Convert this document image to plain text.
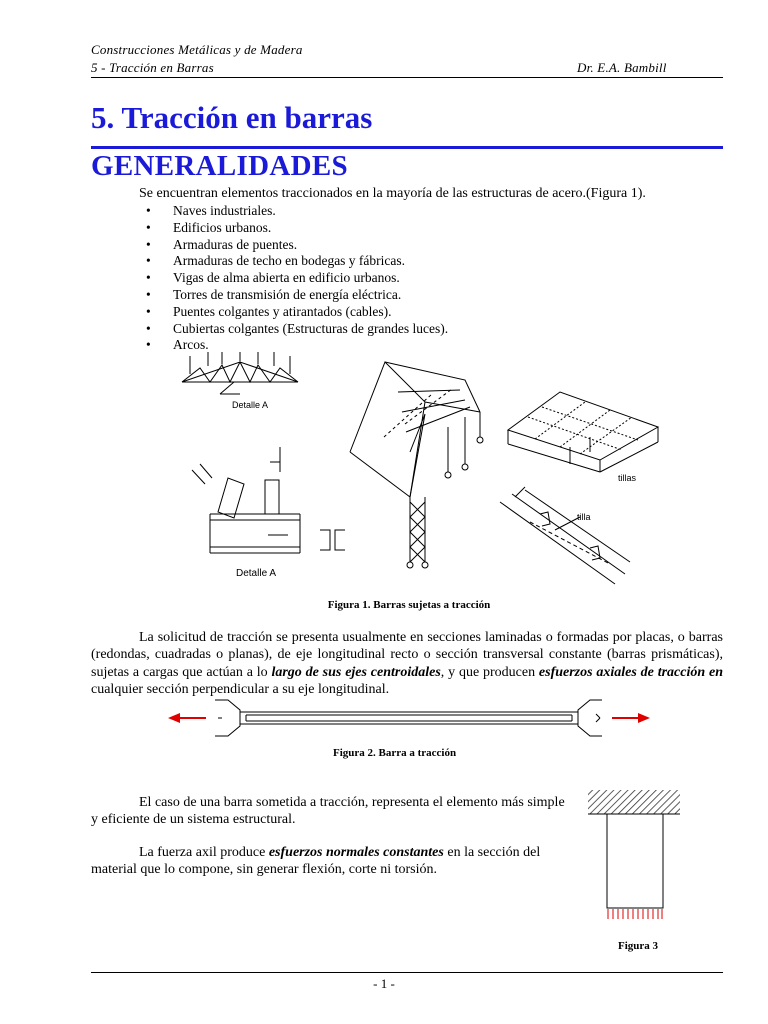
Construcciones Metálicas y de Madera
5 - Tracción en Barras	Dr. E.A. Bambill
5. Tracción en barras
GENERALIDADES
Se encuentran elementos traccionados en la mayoría de las estructuras de acero.(Figura 1).
• Naves industriales.
• Edificios urbanos.
• Armaduras de puentes.
• Armaduras de techo en bodegas y fábricas.
• Vigas de alma abierta en edificio urbanos.
• Torres de transmisión de energía eléctrica.
• Puentes colgantes y atirantados (cables).
• Cubiertas colgantes (Estructuras de grandes luces).
• Arcos.
Detalle A
Detalle A
tillas
tilla
Figura 1. Barras sujetas a tracción
La solicitud de tracción se presenta usualmente en secciones laminadas o formadas por placas, o barras (redondas, cuadradas o planas), de eje longitudinal recto o sección transversal constante (barras prismáticas), sujetas a cargas que actúan a lo largo de sus ejes centroidales, y que producen esfuerzos axiales de tracción en cualquier sección perpendicular a su eje longitudinal.
Figura 2. Barra a tracción
El caso de una barra sometida a tracción, representa el elemento más simple y eficiente de un sistema estructural.
La fuerza axil produce esfuerzos normales constantes en la sección del material que lo compone, sin generar flexión, corte ni torsión.
Figura 3
- 1 -
